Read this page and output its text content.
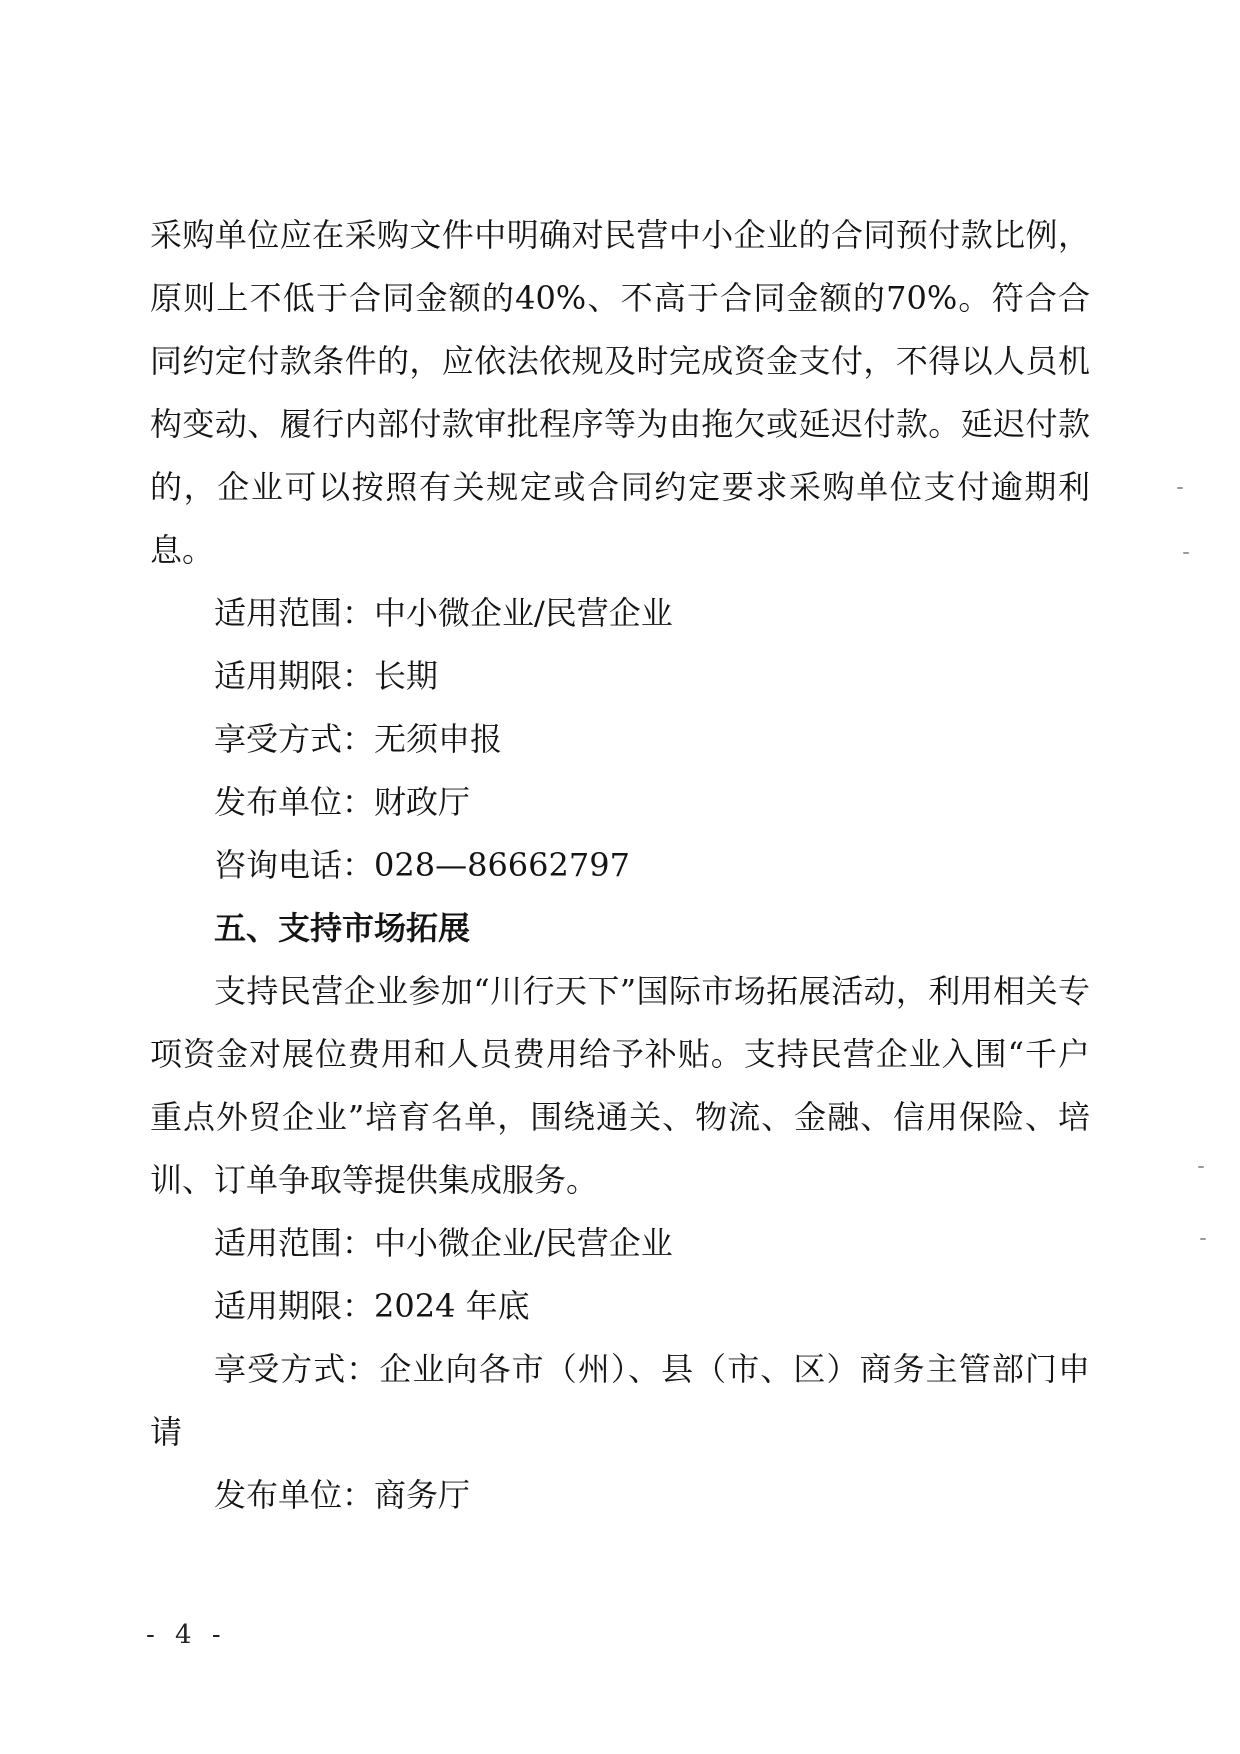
采购单位应在采购文件中明确对民营中小企业的合同预付款比例，原则上不低于合同金额的40%、不高于合同金额的70%。符合合同约定付款条件的，应依法依规及时完成资金支付，不得以人员机构变动、履行内部付款审批程序等为由拖欠或延迟付款。延迟付款的，企业可以按照有关规定或合同约定要求采购单位支付逾期利息。

适用范围：中小微企业/民营企业

适用期限：长期

享受方式：无须申报

发布单位：财政厅

咨询电话：028—86662797

五、支持市场拓展

支持民营企业参加“川行天下”国际市场拓展活动，利用相关专项资金对展位费用和人员费用给予补贴。支持民营企业入围“千户重点外贸企业”培育名单，围绕通关、物流、金融、信用保险、培训、订单争取等提供集成服务。

适用范围：中小微企业/民营企业

适用期限：2024 年底

享受方式：企业向各市（州）、县（市、区）商务主管部门申请

发布单位：商务厅

- 4 -
